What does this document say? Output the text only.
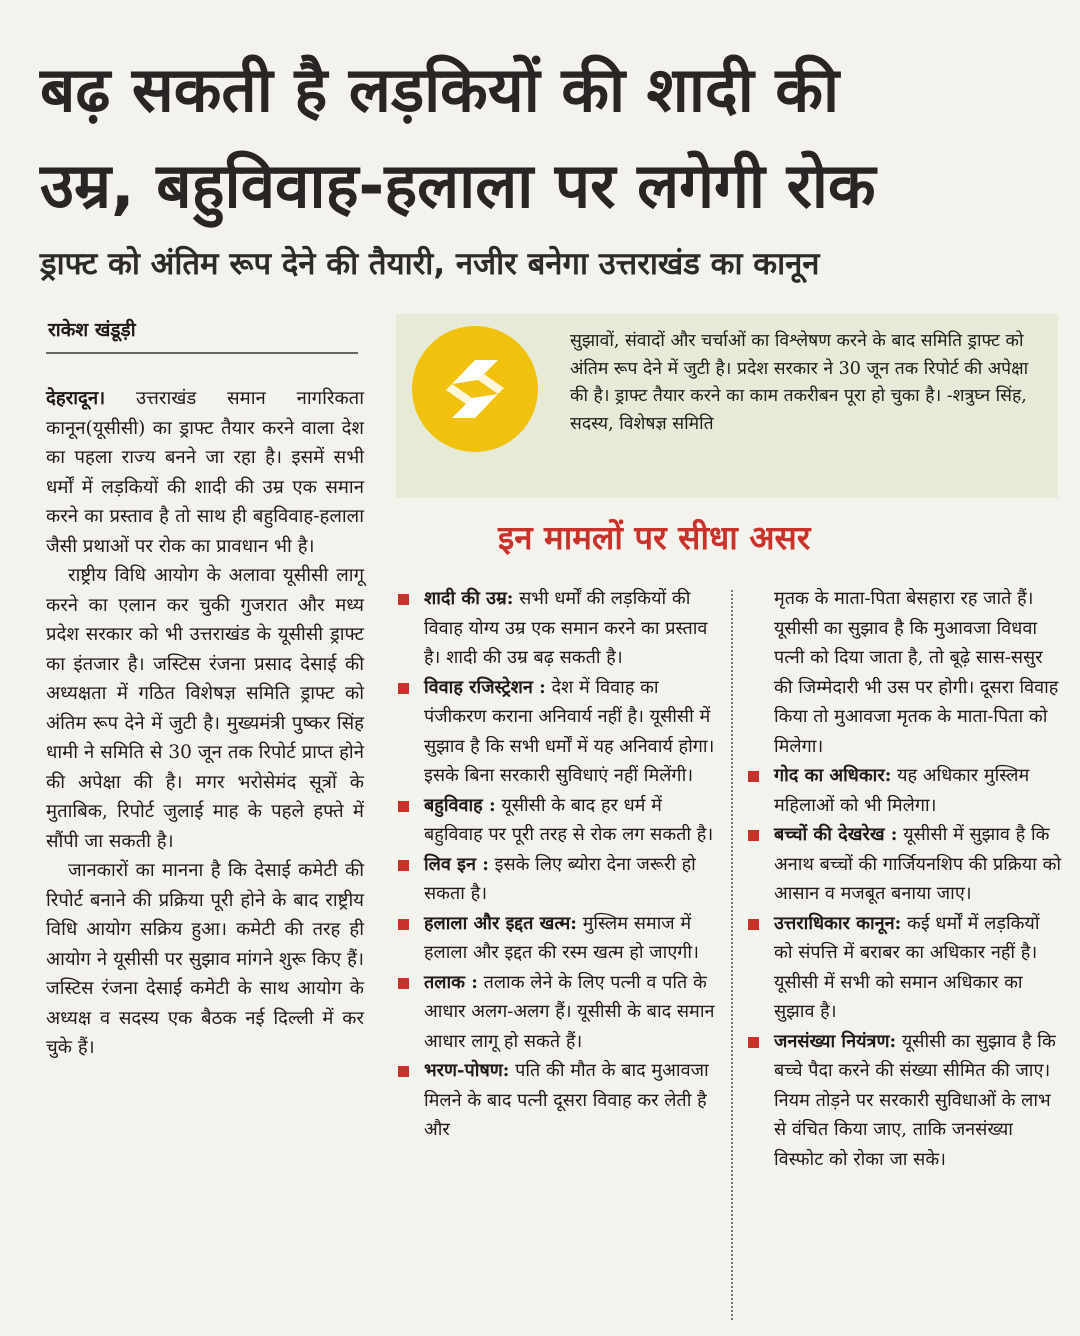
बढ़ सकती है लड़कियों की शादी की
उम्र, बहुविवाह-हलाला पर लगेगी रोक
ड्राफ्ट को अंतिम रूप देने की तैयारी, नजीर बनेगा उत्तराखंड का कानून
राकेश खंडूड़ी

देहरादून। उत्तराखंड समान नागरिकता कानून(यूसीसी) का ड्राफ्ट तैयार करने वाला देश का पहला राज्य बनने जा रहा है। इसमें सभी धर्मों में लड़कियों की शादी की उम्र एक समान करने का प्रस्ताव है तो साथ ही बहुविवाह-हलाला जैसी प्रथाओं पर रोक का प्रावधान भी है।

राष्ट्रीय विधि आयोग के अलावा यूसीसी लागू करने का एलान कर चुकी गुजरात और मध्य प्रदेश सरकार को भी उत्तराखंड के यूसीसी ड्राफ्ट का इंतजार है। जस्टिस रंजना प्रसाद देसाई की अध्यक्षता में गठित विशेषज्ञ समिति ड्राफ्ट को अंतिम रूप देने में जुटी है। मुख्यमंत्री पुष्कर सिंह धामी ने समिति से 30 जून तक रिपोर्ट प्राप्त होने की अपेक्षा की है। मगर भरोसेमंद सूत्रों के मुताबिक, रिपोर्ट जुलाई माह के पहले हफ्ते में सौंपी जा सकती है।

जानकारों का मानना है कि देसाई कमेटी की रिपोर्ट बनाने की प्रक्रिया पूरी होने के बाद राष्ट्रीय विधि आयोग सक्रिय हुआ। कमेटी की तरह ही आयोग ने यूसीसी पर सुझाव मांगने शुरू किए हैं। जस्टिस रंजना देसाई कमेटी के साथ आयोग के अध्यक्ष व सदस्य एक बैठक नई दिल्ली में कर चुके हैं।

सुझावों, संवादों और चर्चाओं का विश्लेषण करने के बाद समिति ड्राफ्ट को अंतिम रूप देने में जुटी है। प्रदेश सरकार ने 30 जून तक रिपोर्ट की अपेक्षा की है। ड्राफ्ट तैयार करने का काम तकरीबन पूरा हो चुका है। -शत्रुघ्न सिंह, सदस्य, विशेषज्ञ समिति
इन मामलों पर सीधा असर

शादी की उम्र: सभी धर्मों की लड़कियों की विवाह योग्य उम्र एक समान करने का प्रस्ताव है। शादी की उम्र बढ़ सकती है।

विवाह रजिस्ट्रेशन : देश में विवाह का पंजीकरण कराना अनिवार्य नहीं है। यूसीसी में सुझाव है कि सभी धर्मों में यह अनिवार्य होगा। इसके बिना सरकारी सुविधाएं नहीं मिलेंगी।

बहुविवाह : यूसीसी के बाद हर धर्म में बहुविवाह पर पूरी तरह से रोक लग सकती है।

लिव इन : इसके लिए ब्योरा देना जरूरी हो सकता है।

हलाला और इद्दत खत्म: मुस्लिम समाज में हलाला और इद्दत की रस्म खत्म हो जाएगी।

तलाक : तलाक लेने के लिए पत्नी व पति के आधार अलग-अलग हैं। यूसीसी के बाद समान आधार लागू हो सकते हैं।

भरण-पोषण: पति की मौत के बाद मुआवजा मिलने के बाद पत्नी दूसरा विवाह कर लेती है और

मृतक के माता-पिता बेसहारा रह जाते हैं। यूसीसी का सुझाव है कि मुआवजा विधवा पत्नी को दिया जाता है, तो बूढ़े सास-ससुर की जिम्मेदारी भी उस पर होगी। दूसरा विवाह किया तो मुआवजा मृतक के माता-पिता को मिलेगा।

गोद का अधिकार: यह अधिकार मुस्लिम महिलाओं को भी मिलेगा।

बच्चों की देखरेख : यूसीसी में सुझाव है कि अनाथ बच्चों की गार्जियनशिप की प्रक्रिया को आसान व मजबूत बनाया जाए।

उत्तराधिकार कानून: कई धर्मों में लड़कियों को संपत्ति में बराबर का अधिकार नहीं है। यूसीसी में सभी को समान अधिकार का सुझाव है।

जनसंख्या नियंत्रण: यूसीसी का सुझाव है कि बच्चे पैदा करने की संख्या सीमित की जाए। नियम तोड़ने पर सरकारी सुविधाओं के लाभ से वंचित किया जाए, ताकि जनसंख्या विस्फोट को रोका जा सके।
